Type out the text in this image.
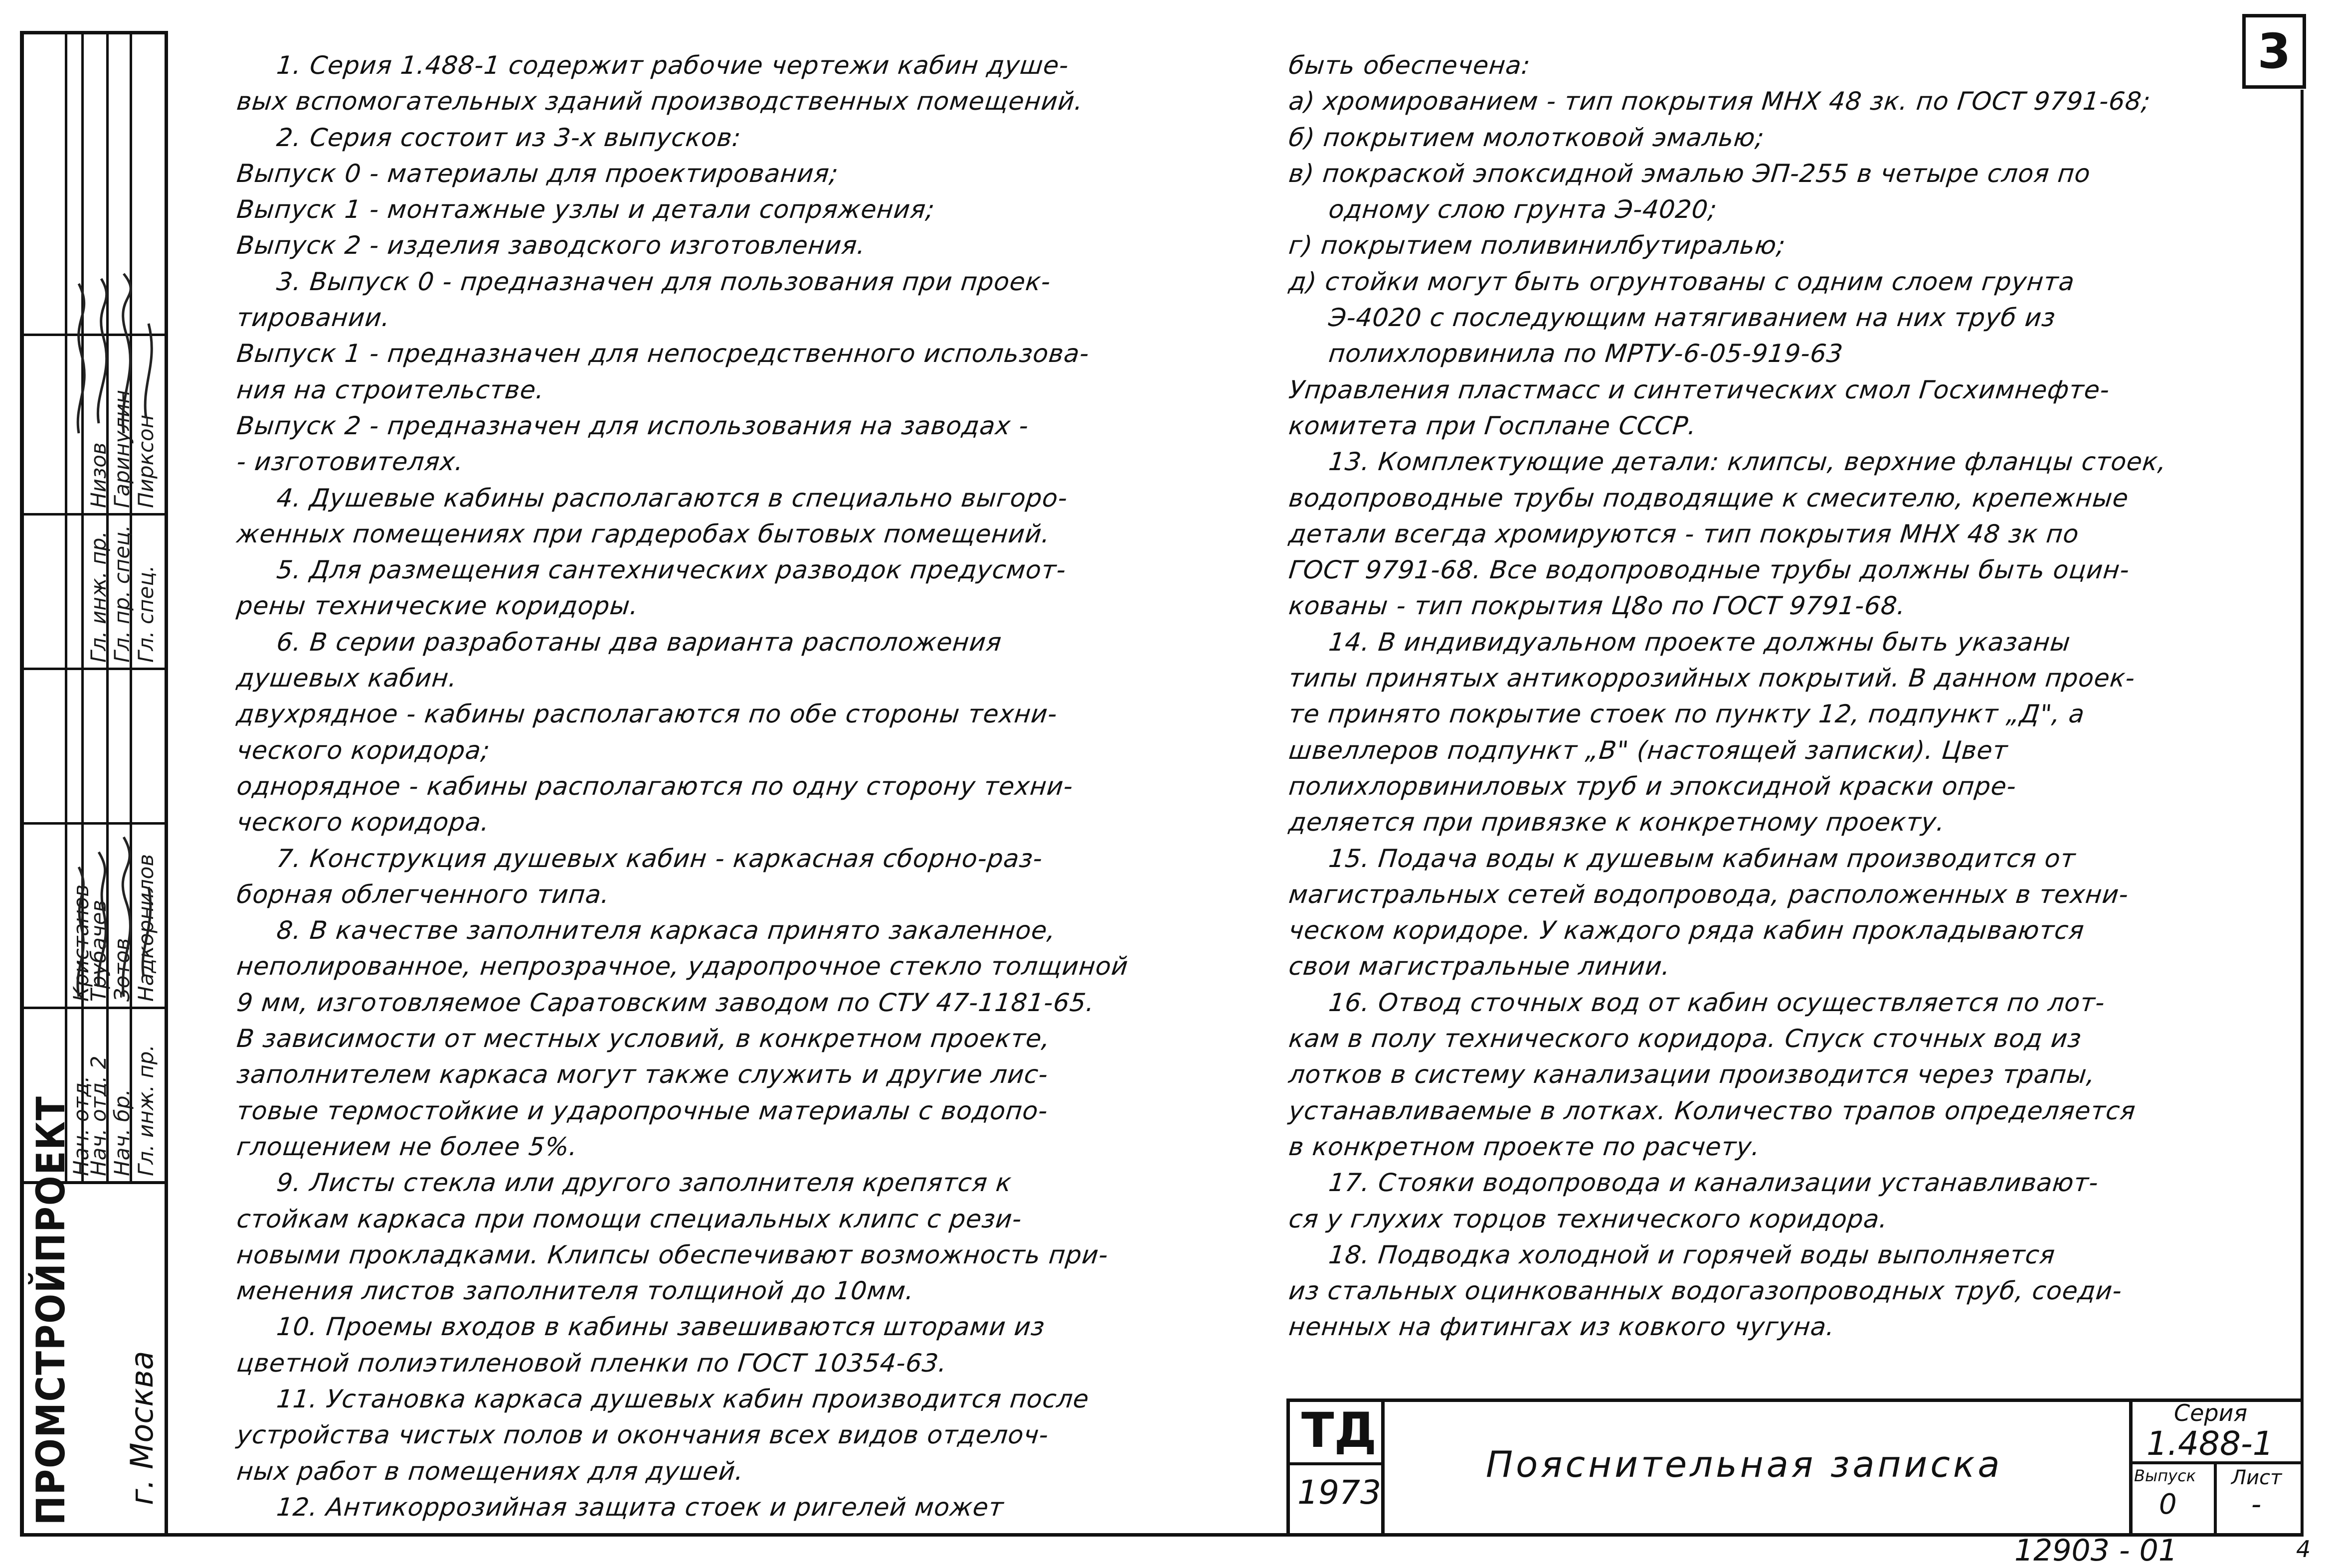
Нач. отд.
Нач. отд. 2
Нач. бр. Гл. инж. пр.
Гл. инж. пр.
Гл. пр. спец. Гл. спец.
Кристанов
Трубачев
Зотов Надкорнилов
Низов
Гаринулин Пирксон
ПРОМСТРОЙПРОЕКТ г. Москва
3

1. Серия 1.488-1 содержит рабочие чертежи кабин душе-

вых вспомогательных зданий производственных помещений.

2. Серия состоит из 3-х выпусков:

Выпуск 0 - материалы для проектирования;

Выпуск 1 - монтажные узлы и детали сопряжения;

Выпуск 2 - изделия заводского изготовления.

3. Выпуск 0 - предназначен для пользования при проек-

тировании.

Выпуск 1 - предназначен для непосредственного использова-

ния на строительстве.

Выпуск 2 - предназначен для использования на заводах -

- изготовителях.

4. Душевые кабины располагаются в специально выгоро-

женных помещениях при гардеробах бытовых помещений.

5. Для размещения сантехнических разводок предусмот-

рены технические коридоры.

6. В серии разработаны два варианта расположения

душевых кабин.

двухрядное - кабины располагаются по обе стороны техни-

ческого коридора;

однорядное - кабины располагаются по одну сторону техни-

ческого коридора.

7. Конструкция душевых кабин - каркасная сборно-раз-

борная облегченного типа.

8. В качестве заполнителя каркаса принято закаленное,

неполированное, непрозрачное, ударопрочное стекло толщиной

9 мм, изготовляемое Саратовским заводом по СТУ 47-1181-65.

В зависимости от местных условий, в конкретном проекте,

заполнителем каркаса могут также служить и другие лис-

товые термостойкие и ударопрочные материалы с водопо-

глощением не более 5%.

9. Листы стекла или другого заполнителя крепятся к

стойкам каркаса при помощи специальных клипс с рези-

новыми прокладками. Клипсы обеспечивают возможность при-

менения листов заполнителя толщиной до 10мм.

10. Проемы входов в кабины завешиваются шторами из

цветной полиэтиленовой пленки по ГОСТ 10354-63.

11. Установка каркаса душевых кабин производится после

устройства чистых полов и окончания всех видов отделоч-

ных работ в помещениях для душей.

12. Антикоррозийная защита стоек и ригелей может

быть обеспечена:

а) хромированием - тип покрытия МНХ 48 зк. по ГОСТ 9791-68;

б) покрытием молотковой эмалью;

в) покраской эпоксидной эмалью ЭП-255 в четыре слоя по

одному слою грунта Э-4020;

г) покрытием поливинилбутиралью;

д) стойки могут быть огрунтованы с одним слоем грунта

Э-4020 с последующим натягиванием на них труб из

полихлорвинила по МРТУ-6-05-919-63

Управления пластмасс и синтетических смол Госхимнефте-

комитета при Госплане СССР.

13. Комплектующие детали: клипсы, верхние фланцы стоек,

водопроводные трубы подводящие к смесителю, крепежные

детали всегда хромируются - тип покрытия МНХ 48 зк по

ГОСТ 9791-68. Все водопроводные трубы должны быть оцин-

кованы - тип покрытия Ц8о по ГОСТ 9791-68.

14. В индивидуальном проекте должны быть указаны

типы принятых антикоррозийных покрытий. В данном проек-

те принято покрытие стоек по пункту 12, подпункт „Д", а

швеллеров подпункт „В" (настоящей записки). Цвет

полихлорвиниловых труб и эпоксидной краски опре-

деляется при привязке к конкретному проекту.

15. Подача воды к душевым кабинам производится от

магистральных сетей водопровода, расположенных в техни-

ческом коридоре. У каждого ряда кабин прокладываются

свои магистральные линии.

16. Отвод сточных вод от кабин осуществляется по лот-

кам в полу технического коридора. Спуск сточных вод из

лотков в систему канализации производится через трапы,

устанавливаемые в лотках. Количество трапов определяется

в конкретном проекте по расчету.

17. Стояки водопровода и канализации устанавливают-

ся у глухих торцов технического коридора.

18. Подводка холодной и горячей воды выполняется

из стальных оцинкованных водогазопроводных труб, соеди-

ненных на фитингах из ковкого чугуна.

ТД
1973
Пояснительная записка
Серия
1.488-1
Выпуск
0
Лист
-
12903 - 01	4
